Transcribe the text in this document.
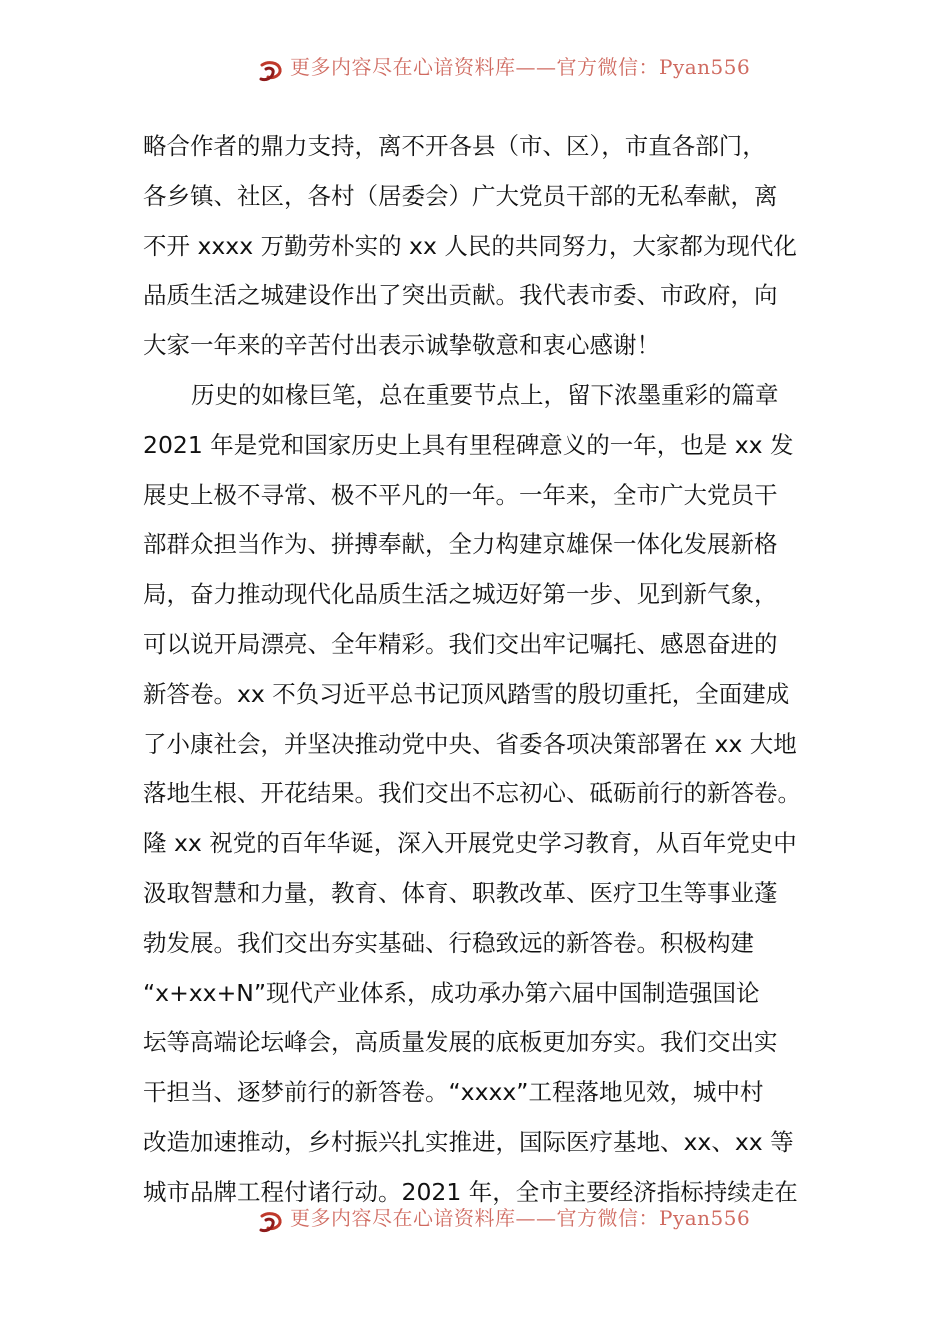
更多内容尽在心谙资料库——官方微信：Pyan556
略合作者的鼎力支持，离不开各县（市、区），市直各部门，
各乡镇、社区，各村（居委会）广大党员干部的无私奉献，离
不开 xxxx 万勤劳朴实的 xx 人民的共同努力，大家都为现代化
品质生活之城建设作出了突出贡献。我代表市委、市政府，向
大家一年来的辛苦付出表示诚挚敬意和衷心感谢！
历史的如椽巨笔，总在重要节点上，留下浓墨重彩的篇章
2021 年是党和国家历史上具有里程碑意义的一年，也是 xx 发
展史上极不寻常、极不平凡的一年。一年来，全市广大党员干
部群众担当作为、拼搏奉献，全力构建京雄保一体化发展新格
局，奋力推动现代化品质生活之城迈好第一步、见到新气象，
可以说开局漂亮、全年精彩。我们交出牢记嘱托、感恩奋进的
新答卷。xx 不负习近平总书记顶风踏雪的殷切重托，全面建成
了小康社会，并坚决推动党中央、省委各项决策部署在 xx 大地
落地生根、开花结果。我们交出不忘初心、砥砺前行的新答卷。
隆 xx 祝党的百年华诞，深入开展党史学习教育，从百年党史中
汲取智慧和力量，教育、体育、职教改革、医疗卫生等事业蓬
勃发展。我们交出夯实基础、行稳致远的新答卷。积极构建
“x+xx+N”现代产业体系，成功承办第六届中国制造强国论
坛等高端论坛峰会，高质量发展的底板更加夯实。我们交出实
干担当、逐梦前行的新答卷。“xxxx”工程落地见效，城中村
改造加速推动，乡村振兴扎实推进，国际医疗基地、xx、xx 等
城市品牌工程付诸行动。2021 年，全市主要经济指标持续走在
更多内容尽在心谙资料库——官方微信：Pyan556
